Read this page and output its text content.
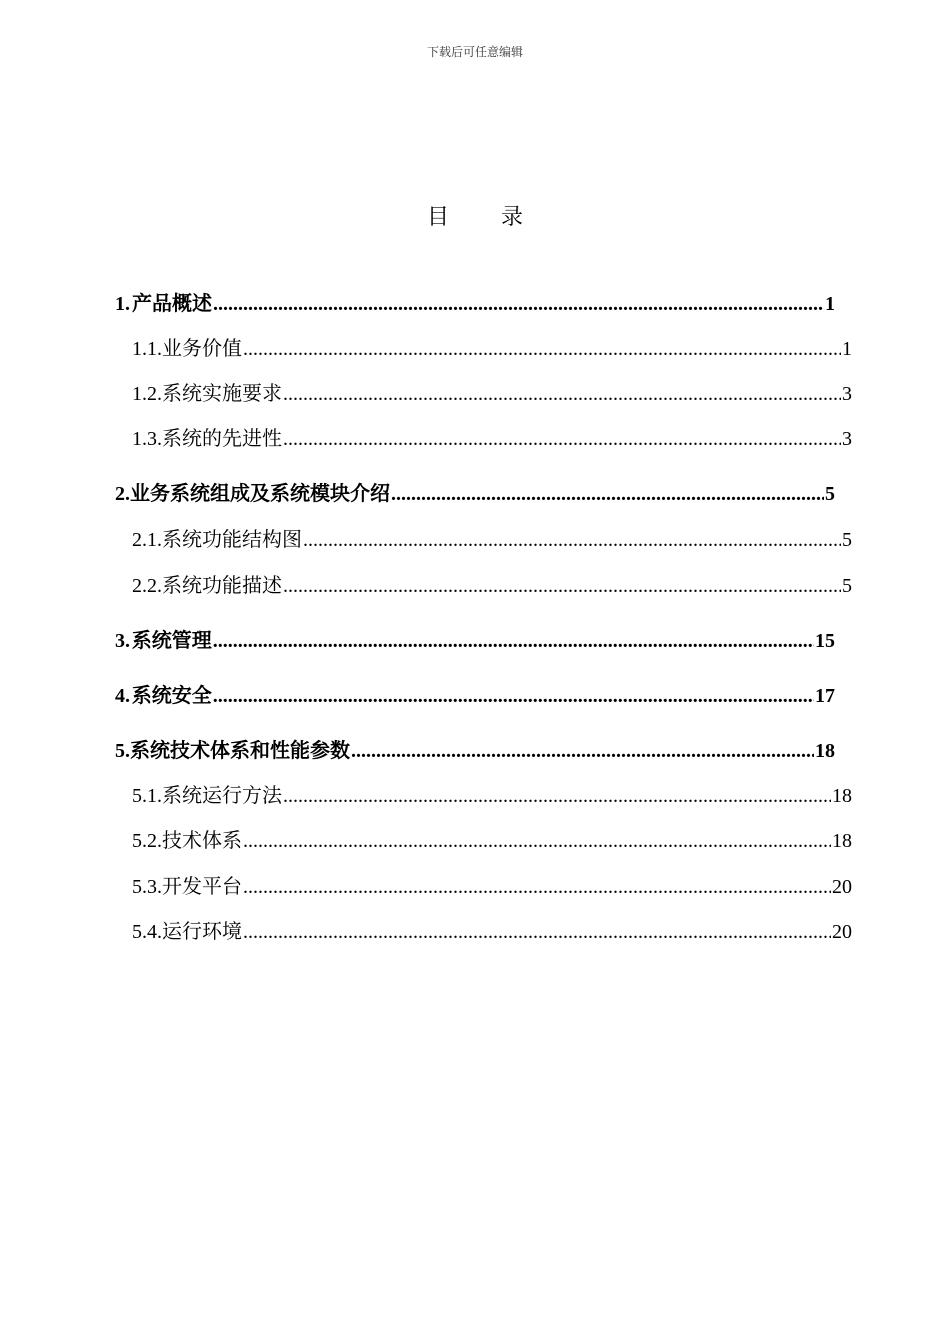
下载后可任意编辑
目录
1. 产品概述 .....	1
1.1. 业务价值 .....	1
1.2. 系统实施要求 .....	3
1.3. 系统的先进性 .....	3
2. 业务系统组成及系统模块介绍 .....	5
2.1. 系统功能结构图 .....	5
2.2. 系统功能描述 .....	5
3. 系统管理 .....	15
4. 系统安全 .....	17
5. 系统技术体系和性能参数 .....	18
5.1. 系统运行方法 .....	18
5.2. 技术体系 .....	18
5.3. 开发平台 .....	20
5.4. 运行环境 .....	20
